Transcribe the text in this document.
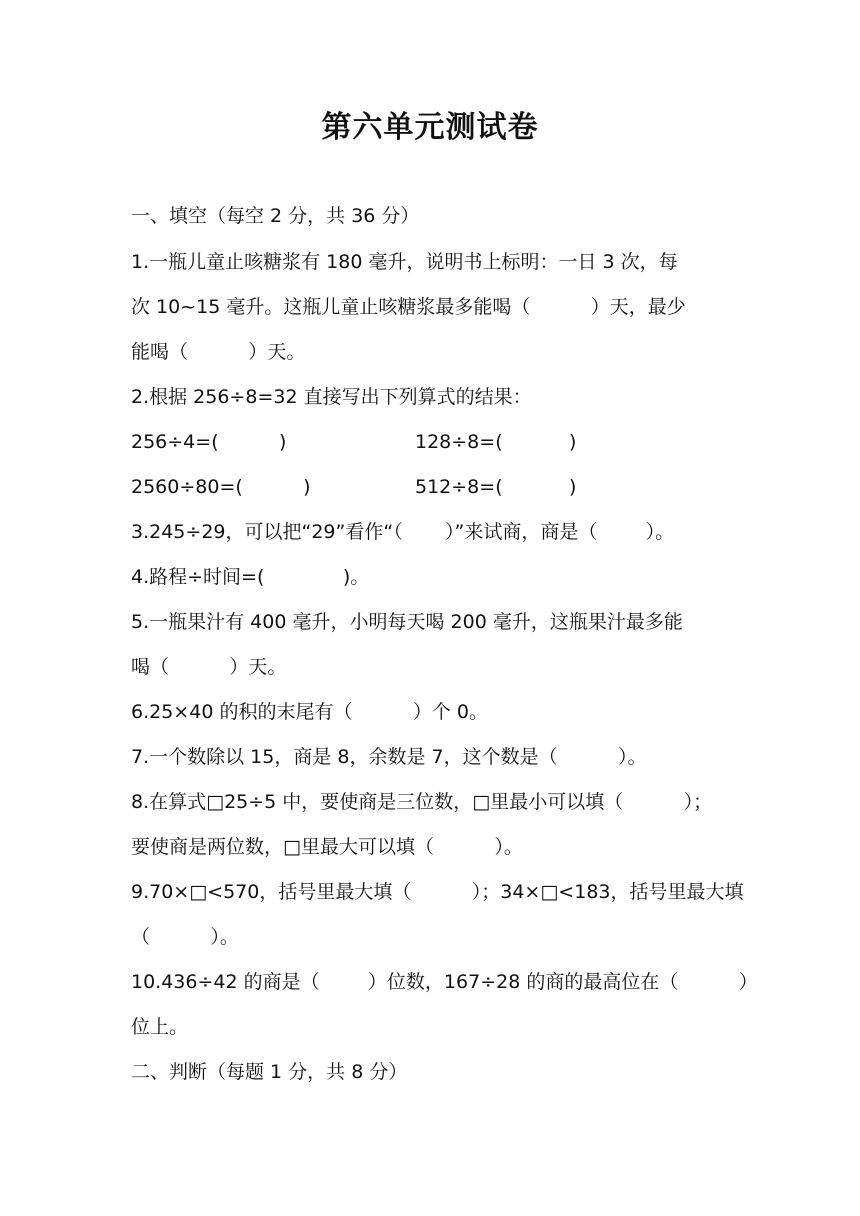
第六单元测试卷
一、填空（每空 2 分，共 36 分）
1.一瓶儿童止咳糖浆有 180 毫升，说明书上标明：一日 3 次，每
次 10~15 毫升。这瓶儿童止咳糖浆最多能喝（          ）天，最少
能喝（          ）天。
2.根据 256÷8=32 直接写出下列算式的结果：
256÷4=(          )	128÷8=(           )
2560÷80=(          )	512÷8=(           )
3.245÷29，可以把“29”看作“（       ）”来试商，商是（        ）。
4.路程÷时间=(             )。
5.一瓶果汁有 400 毫升，小明每天喝 200 毫升，这瓶果汁最多能
喝（          ）天。
6.25×40 的积的末尾有（          ）个 0。
7.一个数除以 15，商是 8，余数是 7，这个数是（          ）。
8.在算式□25÷5 中，要使商是三位数，□里最小可以填（          ）；
要使商是两位数，□里最大可以填（          ）。
9.70×□<570，括号里最大填（          ）；34×□<183，括号里最大填
（          ）。
10.436÷42 的商是（        ）位数，167÷28 的商的最高位在（          ）
位上。
二、判断（每题 1 分，共 8 分）
